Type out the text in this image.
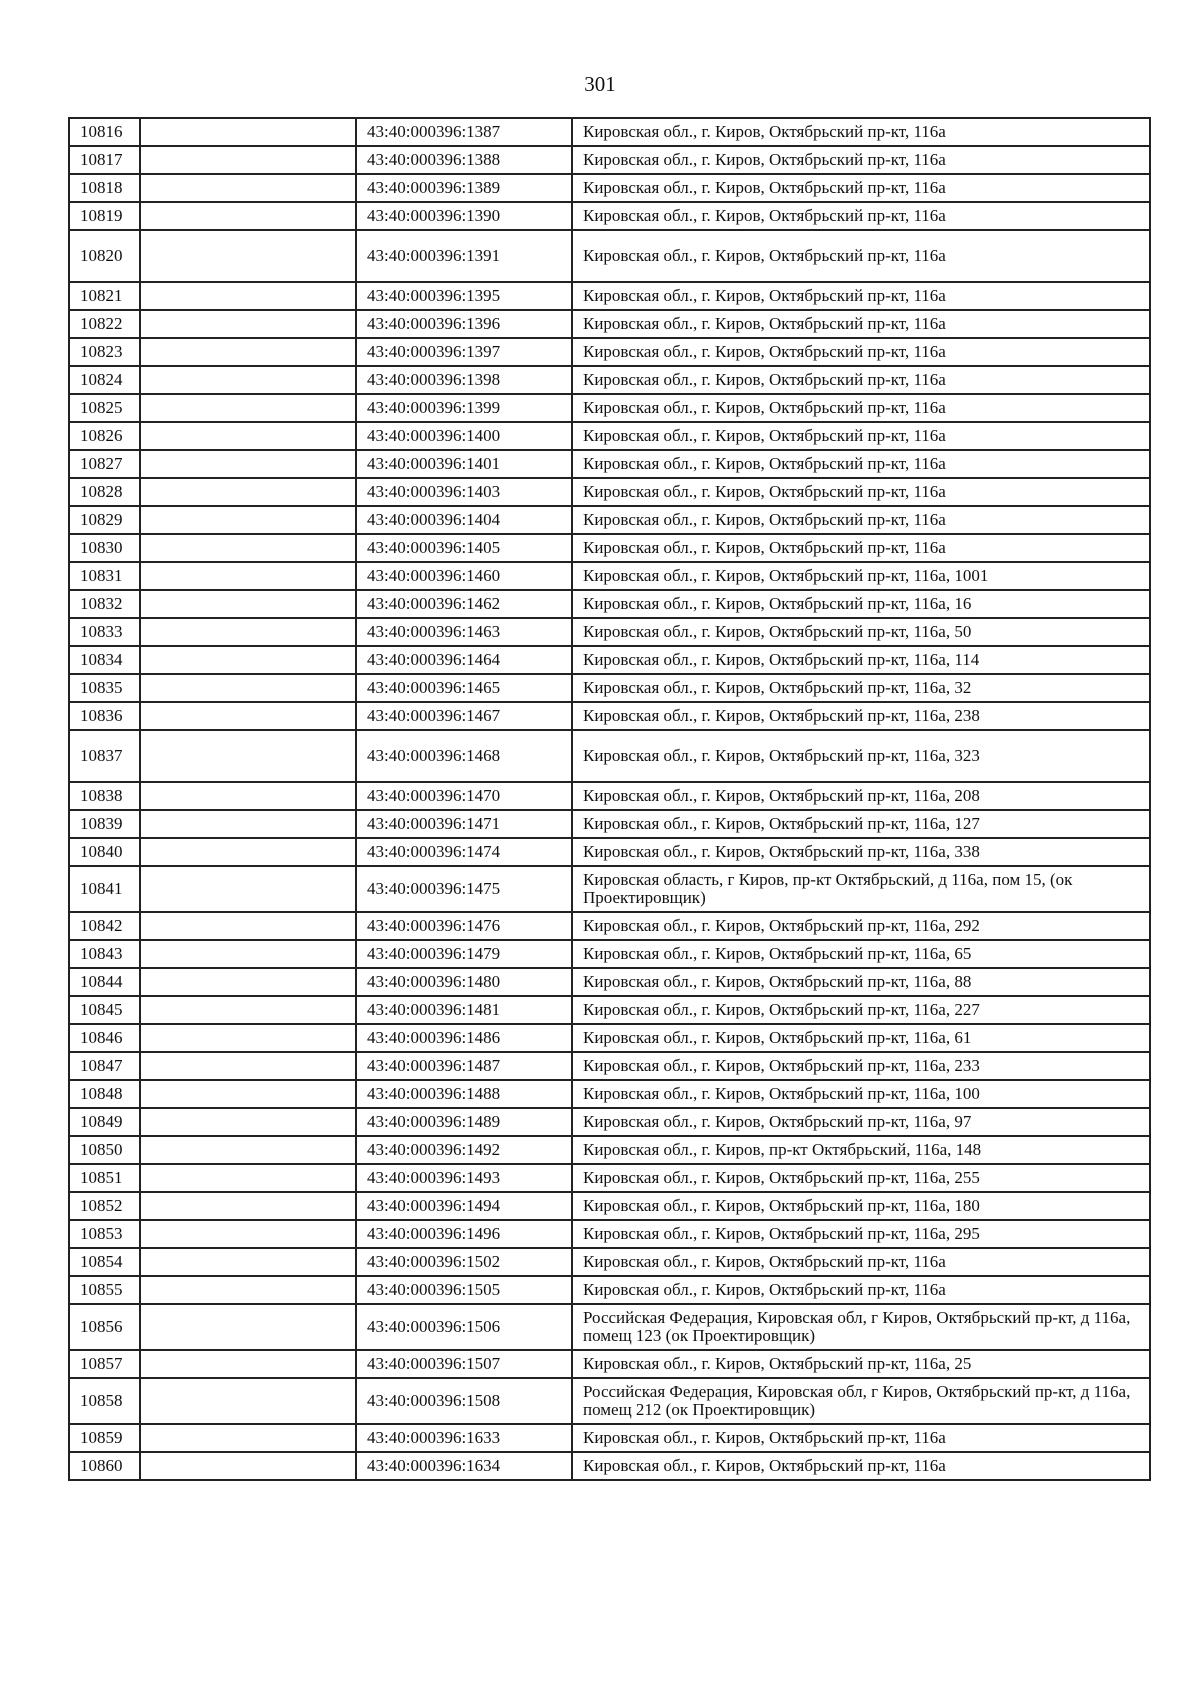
301
10816		43:40:000396:1387	Кировская обл., г. Киров, Октябрьский пр-кт, 116а
10817		43:40:000396:1388	Кировская обл., г. Киров, Октябрьский пр-кт, 116а
10818		43:40:000396:1389	Кировская обл., г. Киров, Октябрьский пр-кт, 116а
10819		43:40:000396:1390	Кировская обл., г. Киров, Октябрьский пр-кт, 116а
10820		43:40:000396:1391	Кировская обл., г. Киров, Октябрьский пр-кт, 116а
10821		43:40:000396:1395	Кировская обл., г. Киров, Октябрьский пр-кт, 116а
10822		43:40:000396:1396	Кировская обл., г. Киров, Октябрьский пр-кт, 116а
10823		43:40:000396:1397	Кировская обл., г. Киров, Октябрьский пр-кт, 116а
10824		43:40:000396:1398	Кировская обл., г. Киров, Октябрьский пр-кт, 116а
10825		43:40:000396:1399	Кировская обл., г. Киров, Октябрьский пр-кт, 116а
10826		43:40:000396:1400	Кировская обл., г. Киров, Октябрьский пр-кт, 116а
10827		43:40:000396:1401	Кировская обл., г. Киров, Октябрьский пр-кт, 116а
10828		43:40:000396:1403	Кировская обл., г. Киров, Октябрьский пр-кт, 116а
10829		43:40:000396:1404	Кировская обл., г. Киров, Октябрьский пр-кт, 116а
10830		43:40:000396:1405	Кировская обл., г. Киров, Октябрьский пр-кт, 116а
10831		43:40:000396:1460	Кировская обл., г. Киров, Октябрьский пр-кт, 116а, 1001
10832		43:40:000396:1462	Кировская обл., г. Киров, Октябрьский пр-кт, 116а, 16
10833		43:40:000396:1463	Кировская обл., г. Киров, Октябрьский пр-кт, 116а, 50
10834		43:40:000396:1464	Кировская обл., г. Киров, Октябрьский пр-кт, 116а, 114
10835		43:40:000396:1465	Кировская обл., г. Киров, Октябрьский пр-кт, 116а, 32
10836		43:40:000396:1467	Кировская обл., г. Киров, Октябрьский пр-кт, 116а, 238
10837		43:40:000396:1468	Кировская обл., г. Киров, Октябрьский пр-кт, 116а, 323
10838		43:40:000396:1470	Кировская обл., г. Киров, Октябрьский пр-кт, 116а, 208
10839		43:40:000396:1471	Кировская обл., г. Киров, Октябрьский пр-кт, 116а, 127
10840		43:40:000396:1474	Кировская обл., г. Киров, Октябрьский пр-кт, 116а, 338
10841		43:40:000396:1475	Кировская область, г Киров, пр-кт Октябрьский, д 116а, пом 15, (ок Проектировщик)
10842		43:40:000396:1476	Кировская обл., г. Киров, Октябрьский пр-кт, 116а, 292
10843		43:40:000396:1479	Кировская обл., г. Киров, Октябрьский пр-кт, 116а, 65
10844		43:40:000396:1480	Кировская обл., г. Киров, Октябрьский пр-кт, 116а, 88
10845		43:40:000396:1481	Кировская обл., г. Киров, Октябрьский пр-кт, 116а, 227
10846		43:40:000396:1486	Кировская обл., г. Киров, Октябрьский пр-кт, 116а, 61
10847		43:40:000396:1487	Кировская обл., г. Киров, Октябрьский пр-кт, 116а, 233
10848		43:40:000396:1488	Кировская обл., г. Киров, Октябрьский пр-кт, 116а, 100
10849		43:40:000396:1489	Кировская обл., г. Киров, Октябрьский пр-кт, 116а, 97
10850		43:40:000396:1492	Кировская обл., г. Киров, пр-кт Октябрьский, 116а, 148
10851		43:40:000396:1493	Кировская обл., г. Киров, Октябрьский пр-кт, 116а, 255
10852		43:40:000396:1494	Кировская обл., г. Киров, Октябрьский пр-кт, 116а, 180
10853		43:40:000396:1496	Кировская обл., г. Киров, Октябрьский пр-кт, 116а, 295
10854		43:40:000396:1502	Кировская обл., г. Киров, Октябрьский пр-кт, 116а
10855		43:40:000396:1505	Кировская обл., г. Киров, Октябрьский пр-кт, 116а
10856		43:40:000396:1506	Российская Федерация, Кировская обл, г Киров, Октябрьский пр-кт, д 116а, помещ 123 (ок Проектировщик)
10857		43:40:000396:1507	Кировская обл., г. Киров, Октябрьский пр-кт, 116а, 25
10858		43:40:000396:1508	Российская Федерация, Кировская обл, г Киров, Октябрьский пр-кт, д 116а, помещ 212 (ок Проектировщик)
10859		43:40:000396:1633	Кировская обл., г. Киров, Октябрьский пр-кт, 116а
10860		43:40:000396:1634	Кировская обл., г. Киров, Октябрьский пр-кт, 116а
